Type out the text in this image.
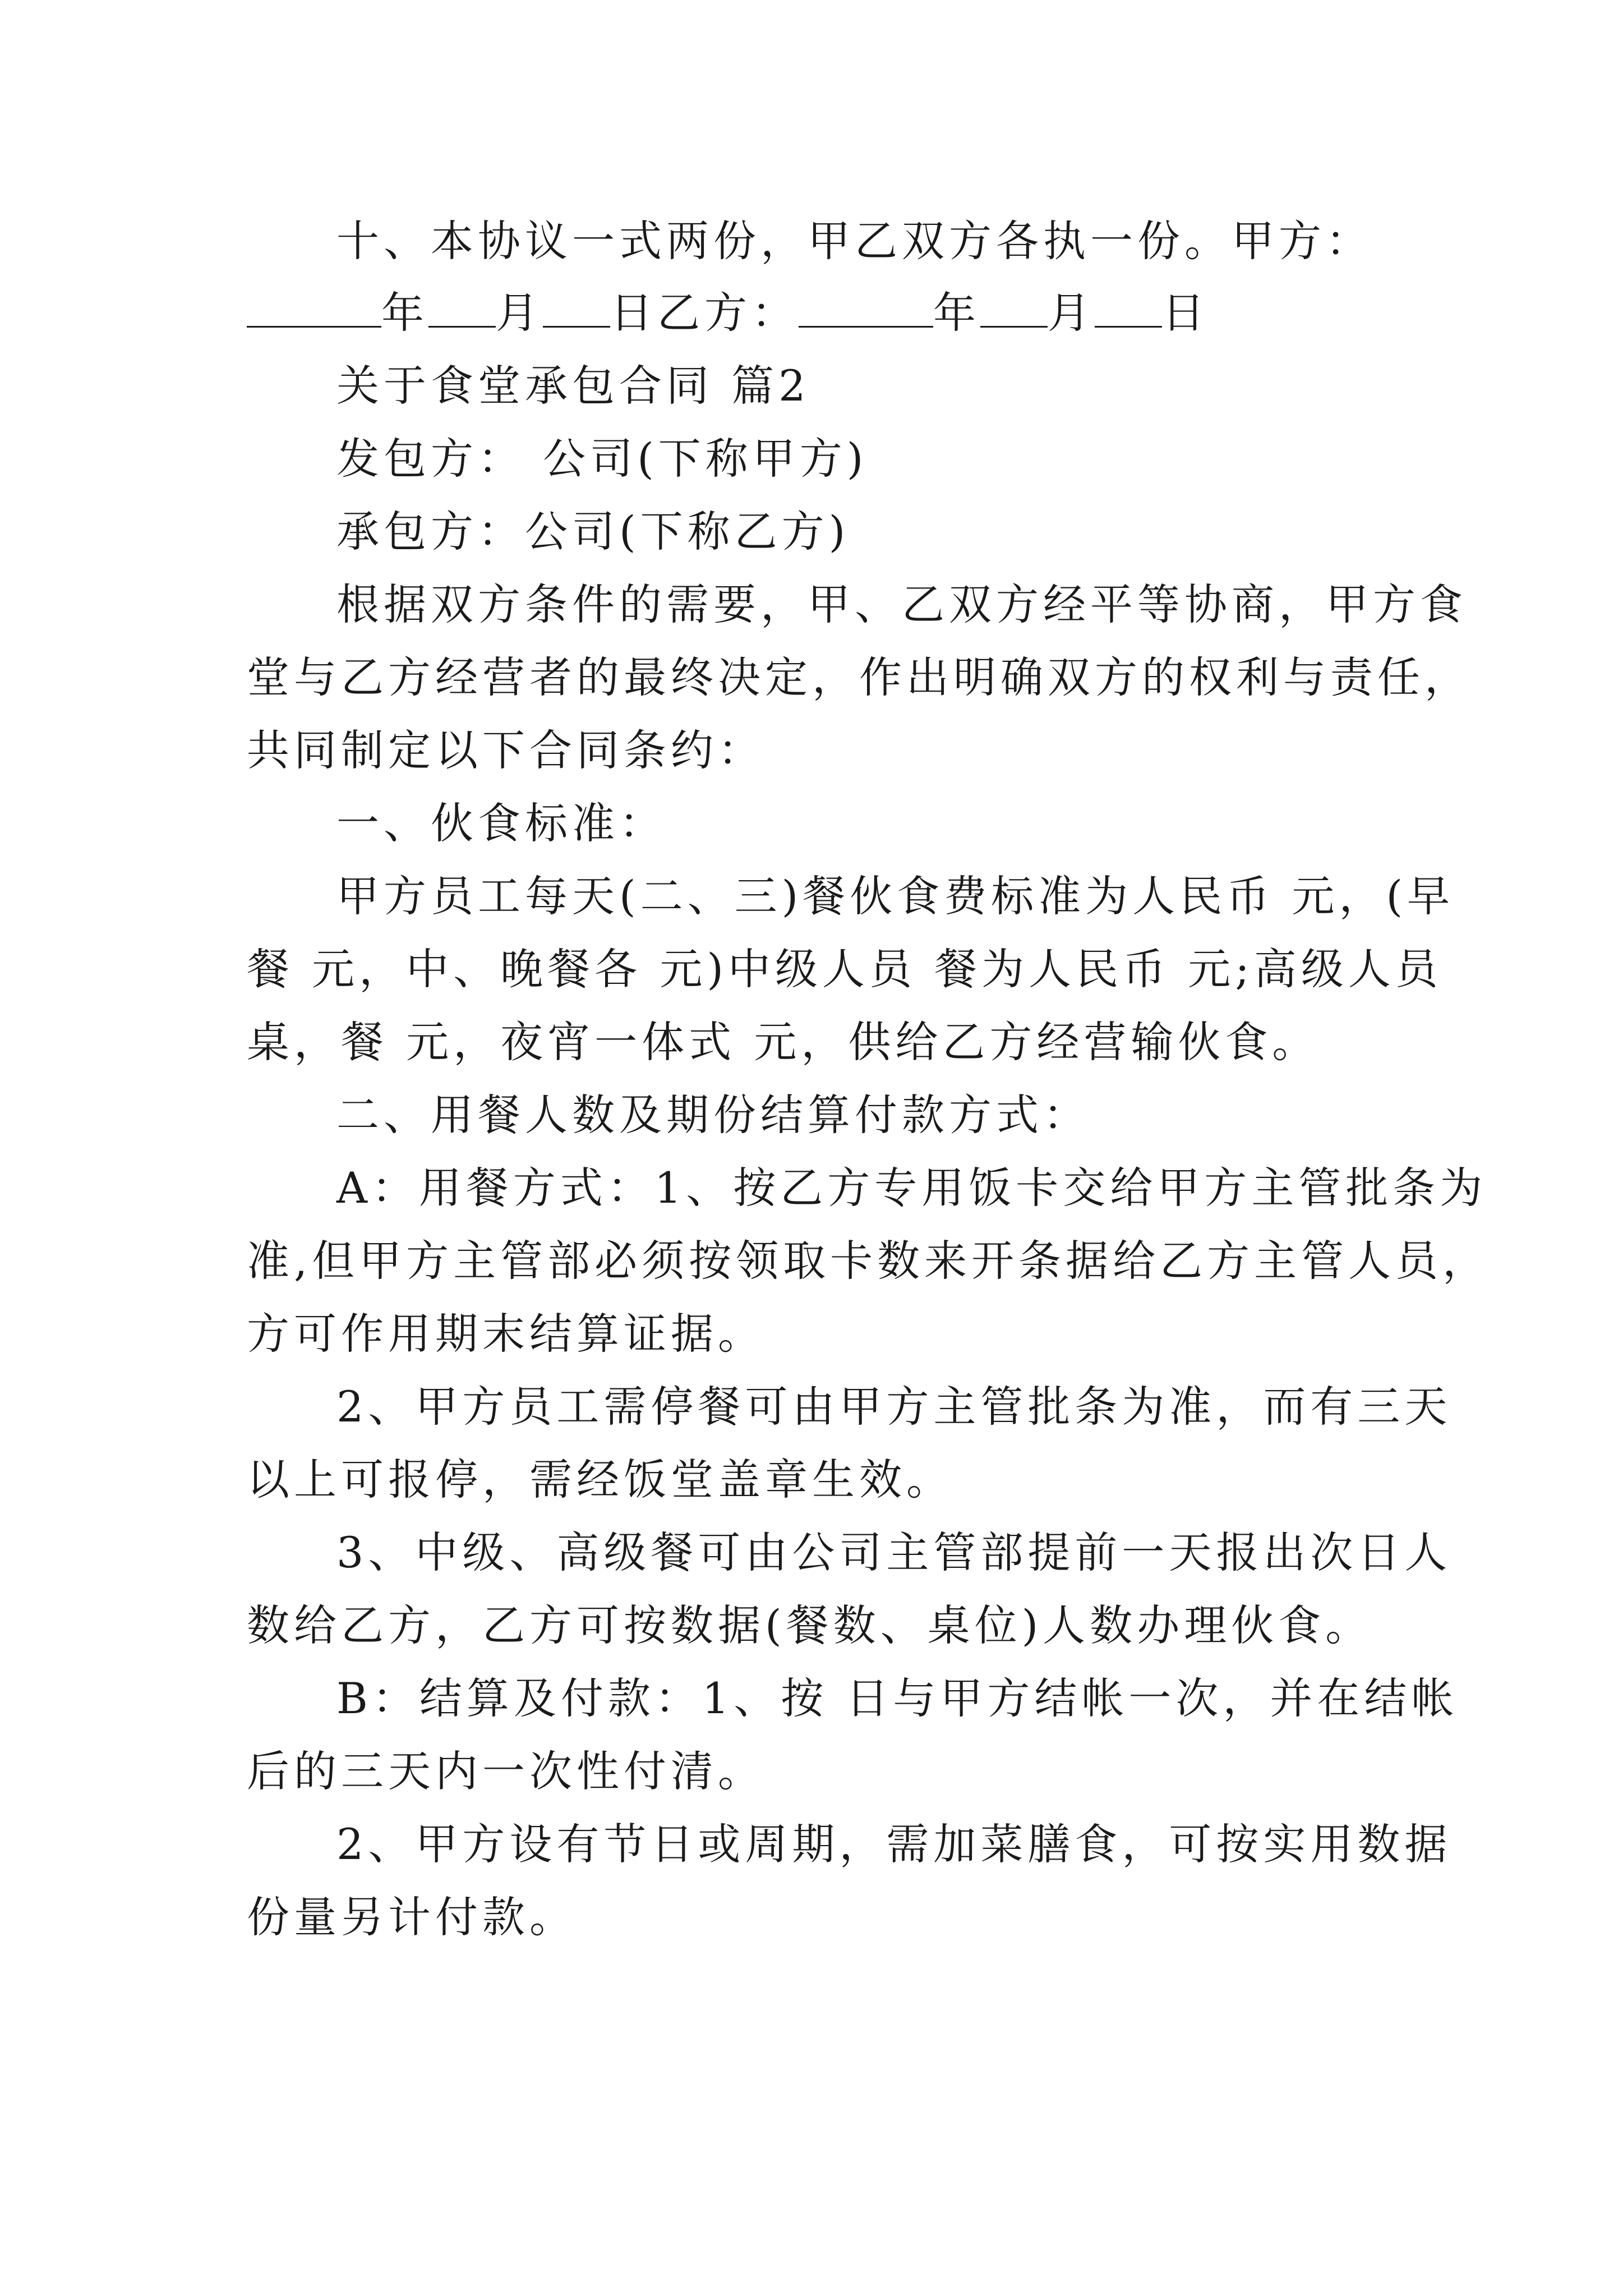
十、本协议一式两份，甲乙双方各执一份。甲方：
年 月 日乙方：	年 月 日
关于食堂承包合同 篇2
发包方： 公司(下称甲方)
承包方：公司(下称乙方)
根据双方条件的需要，甲、乙双方经平等协商，甲方食
堂与乙方经营者的最终决定，作出明确双方的权利与责任，
共同制定以下合同条约：
一、伙食标准：
甲方员工每天(二、三)餐伙食费标准为人民币 元，(早
餐 元，中、晚餐各 元)中级人员 餐为人民币 元;高级人员
桌，餐 元，夜宵一体式 元，供给乙方经营输伙食。
二、用餐人数及期份结算付款方式：
A：用餐方式：1、按乙方专用饭卡交给甲方主管批条为
准,但甲方主管部必须按领取卡数来开条据给乙方主管人员，
方可作用期末结算证据。
2、甲方员工需停餐可由甲方主管批条为准，而有三天
以上可报停，需经饭堂盖章生效。
3、中级、高级餐可由公司主管部提前一天报出次日人
数给乙方，乙方可按数据(餐数、桌位)人数办理伙食。
B：结算及付款：1、按 日与甲方结帐一次，并在结帐
后的三天内一次性付清。
2、甲方设有节日或周期，需加菜膳食，可按实用数据
份量另计付款。
